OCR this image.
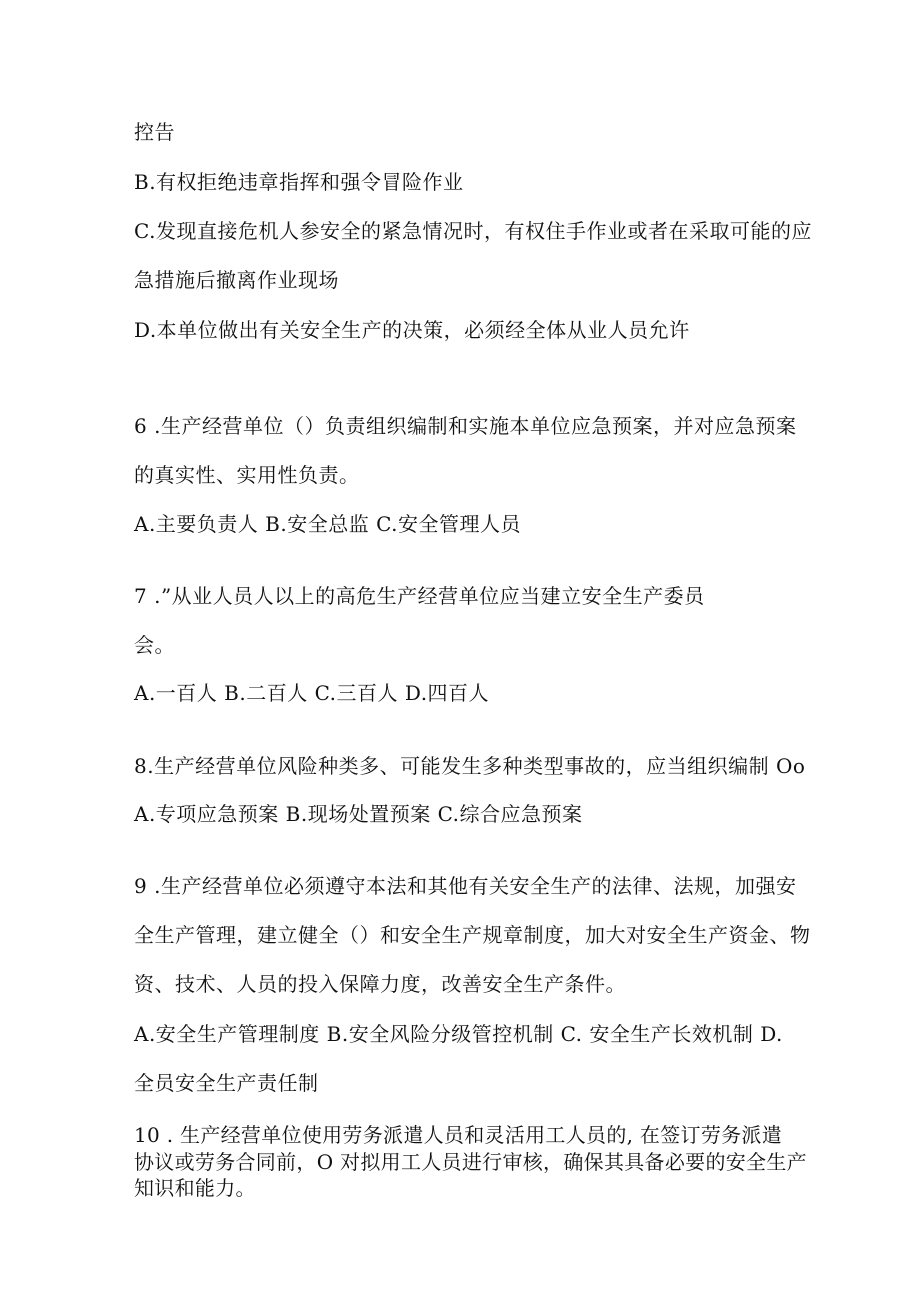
控告

B.有权拒绝违章指挥和强令冒险作业

C.发现直接危机人参安全的紧急情况时，有权住手作业或者在采取可能的应

急措施后撤离作业现场

D.本单位做出有关安全生产的决策，必须经全体从业人员允许

6 .生产经营单位（）负责组织编制和实施本单位应急预案，并对应急预案

的真实性、实用性负责。

A.主要负责人 B.安全总监 C.安全管理人员

7 .”从业人员人以上的高危生产经营单位应当建立安全生产委员

会。

A.一百人 B.二百人 C.三百人 D.四百人

8.生产经营单位风险种类多、可能发生多种类型事故的，应当组织编制 Oo

A.专项应急预案 B.现场处置预案 C.综合应急预案

9 .生产经营单位必须遵守本法和其他有关安全生产的法律、法规，加强安

全生产管理，建立健全（）和安全生产规章制度，加大对安全生产资金、物

资、技术、人员的投入保障力度，改善安全生产条件。

A.安全生产管理制度 B.安全风险分级管控机制 C. 安全生产长效机制 D.

全员安全生产责任制

10 . 生产经营单位使用劳务派遣人员和灵活用工人员的, 在签订劳务派遣

协议或劳务合同前，O 对拟用工人员进行审核，确保其具备必要的安全生产

知识和能力。
